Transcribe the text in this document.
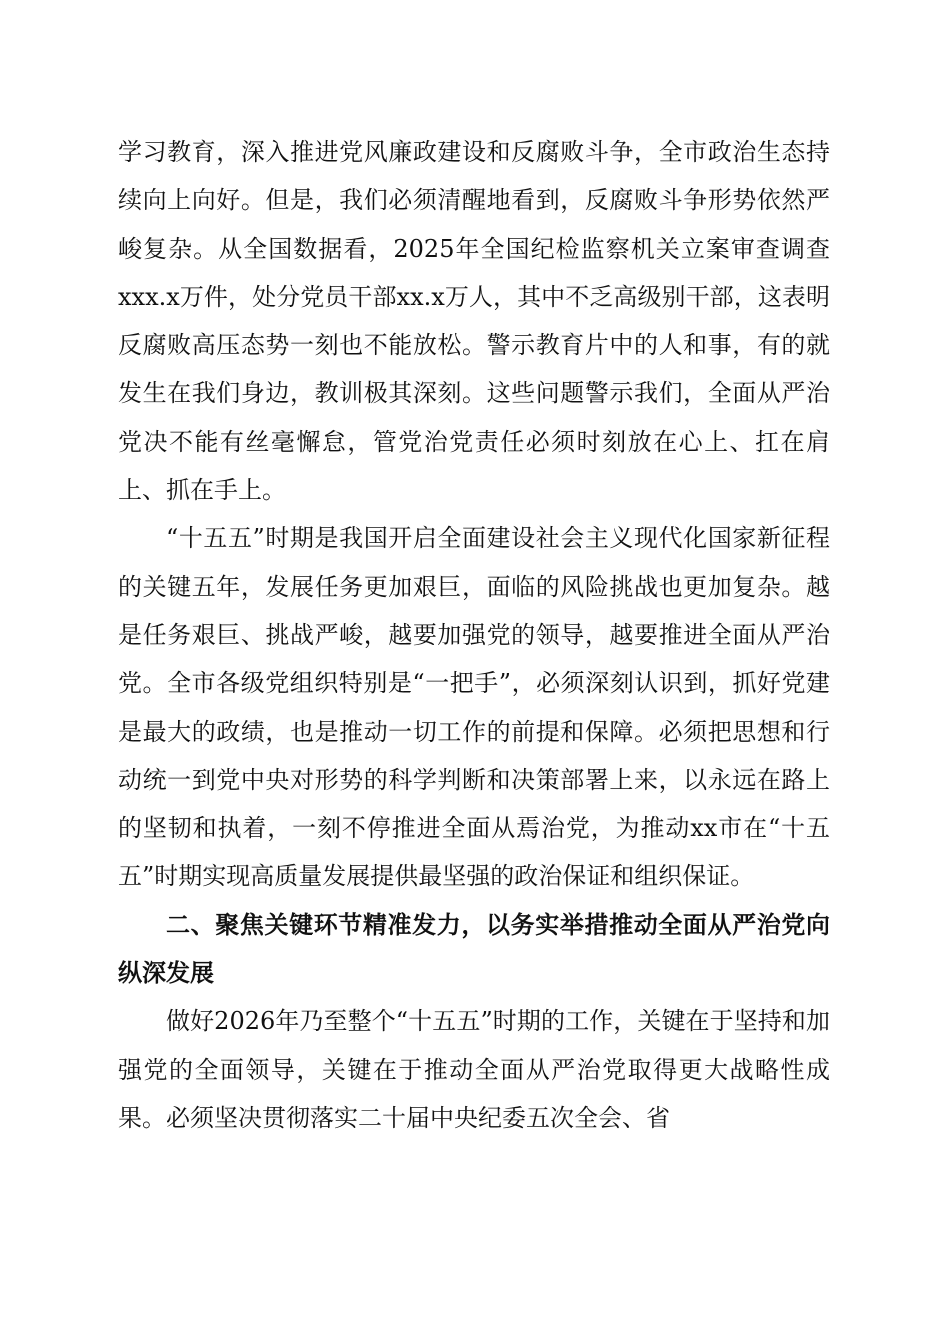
学习教育，深入推进党风廉政建设和反腐败斗争，全市政治生态持续向上向好。但是，我们必须清醒地看到，反腐败斗争形势依然严峻复杂。从全国数据看，2025年全国纪检监察机关立案审查调查xxx.x万件，处分党员干部xx.x万人，其中不乏高级别干部，这表明反腐败高压态势一刻也不能放松。警示教育片中的人和事，有的就发生在我们身边，教训极其深刻。这些问题警示我们，全面从严治党决不能有丝毫懈怠，管党治党责任必须时刻放在心上、扛在肩上、抓在手上。

“十五五”时期是我国开启全面建设社会主义现代化国家新征程的关键五年，发展任务更加艰巨，面临的风险挑战也更加复杂。越是任务艰巨、挑战严峻，越要加强党的领导，越要推进全面从严治党。全市各级党组织特别是“一把手”，必须深刻认识到，抓好党建是最大的政绩，也是推动一切工作的前提和保障。必须把思想和行动统一到党中央对形势的科学判断和决策部署上来，以永远在路上的坚韧和执着，一刻不停推进全面从焉治党，为推动xx市在“十五五”时期实现高质量发展提供最坚强的政治保证和组织保证。

二、聚焦关键环节精准发力，以务实举措推动全面从严治党向纵深发展

做好2026年乃至整个“十五五”时期的工作，关键在于坚持和加强党的全面领导，关键在于推动全面从严治党取得更大战略性成果。必须坚决贯彻落实二十届中央纪委五次全会、省
